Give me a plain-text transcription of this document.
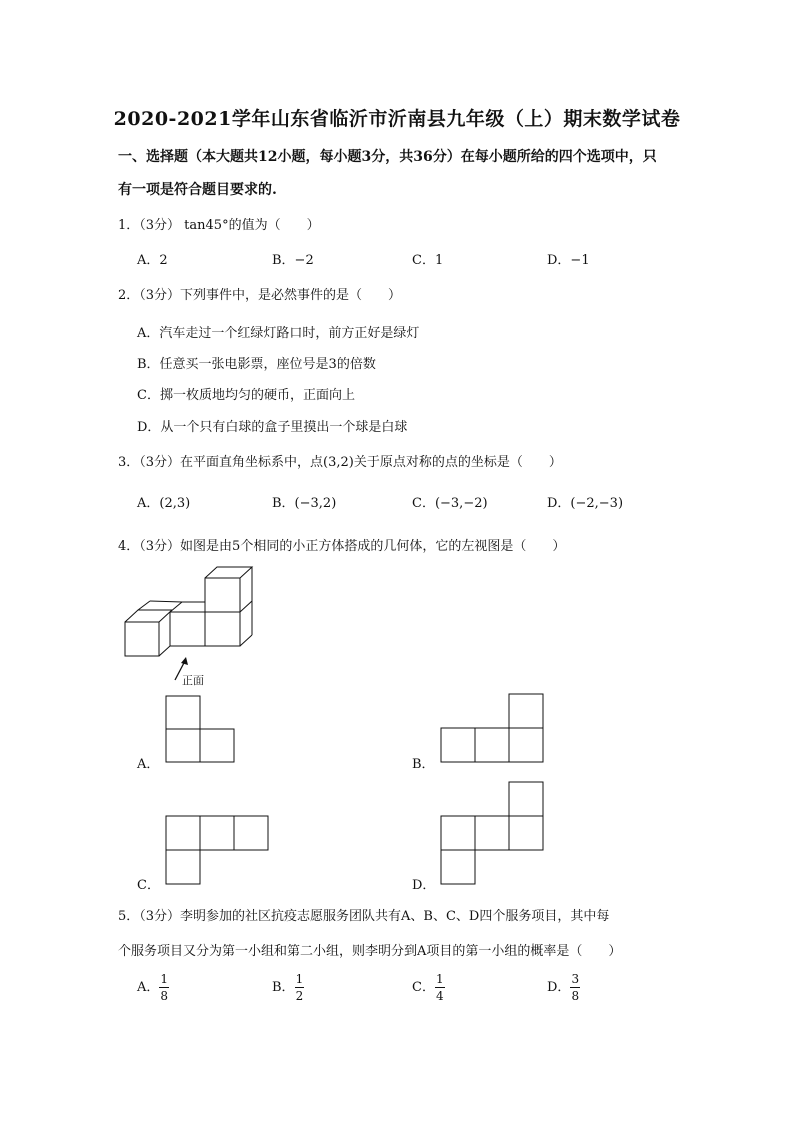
2020-2021学年山东省临沂市沂南县九年级（上）期末数学试卷
一、选择题（本大题共12小题，每小题3分，共36分）在每小题所给的四个选项中，只
有一项是符合题目要求的.
1．（3分） tan45°的值为（　　）
A．2	B．−2	C．1	D．−1
2．（3分）下列事件中，是必然事件的是（　　）
A．汽车走过一个红绿灯路口时，前方正好是绿灯
B．任意买一张电影票，座位号是3的倍数
C．掷一枚质地均匀的硬币，正面向上
D．从一个只有白球的盒子里摸出一个球是白球
3．（3分）在平面直角坐标系中，点(3,2)关于原点对称的点的坐标是（　　）
A．(2,3)	B．(−3,2)	C．(−3,−2)	D．(−2,−3)
4．（3分）如图是由5个相同的小正方体搭成的几何体，它的左视图是（　　）
正面
A．	B．
C．	D．
5．（3分）李明参加的社区抗疫志愿服务团队共有A、B、C、D四个服务项目，其中每
个服务项目又分为第一小组和第二小组，则李明分到A项目的第一小组的概率是（　　）
A． $\frac{1}{8}$	B． $\frac{1}{2}$	C． $\frac{1}{4}$	D． $\frac{3}{8}$
